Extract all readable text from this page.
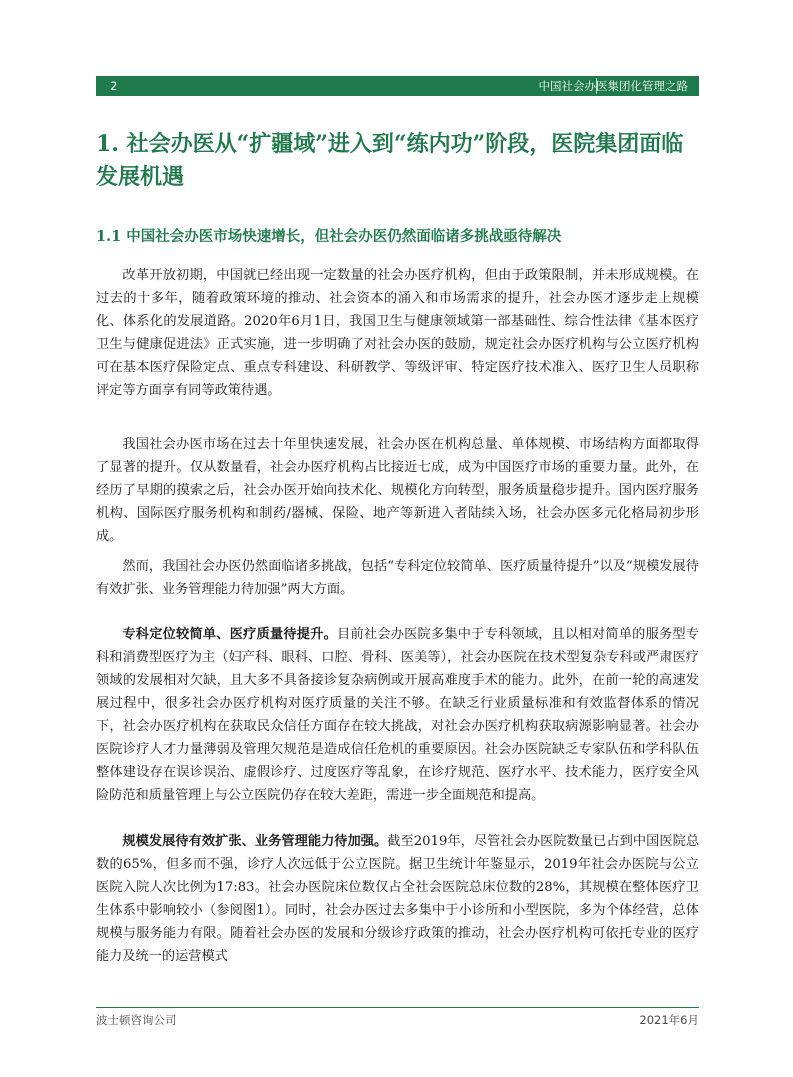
2	中国社会办医集团化管理之路
1. 社会办医从“扩疆域”进入到“练内功”阶段，医院集团面临发展机遇
1.1 中国社会办医市场快速增长，但社会办医仍然面临诸多挑战亟待解决

改革开放初期，中国就已经出现一定数量的社会办医疗机构，但由于政策限制，并未形成规模。在过去的十多年，随着政策环境的推动、社会资本的涌入和市场需求的提升，社会办医才逐步走上规模化、体系化的发展道路。2020年6月1日，我国卫生与健康领域第一部基础性、综合性法律《基本医疗卫生与健康促进法》正式实施，进一步明确了对社会办医的鼓励，规定社会办医疗机构与公立医疗机构可在基本医疗保险定点、重点专科建设、科研教学、等级评审、特定医疗技术准入、医疗卫生人员职称评定等方面享有同等政策待遇。

我国社会办医市场在过去十年里快速发展，社会办医在机构总量、单体规模、市场结构方面都取得了显著的提升。仅从数量看，社会办医疗机构占比接近七成，成为中国医疗市场的重要力量。此外，在经历了早期的摸索之后，社会办医开始向技术化、规模化方向转型，服务质量稳步提升。国内医疗服务机构、国际医疗服务机构和制药/器械、保险、地产等新进入者陆续入场，社会办医多元化格局初步形成。

然而，我国社会办医仍然面临诸多挑战，包括“专科定位较简单、医疗质量待提升”以及“规模发展待有效扩张、业务管理能力待加强”两大方面。

专科定位较简单、医疗质量待提升。目前社会办医院多集中于专科领域，且以相对简单的服务型专科和消费型医疗为主（妇产科、眼科、口腔、骨科、医美等），社会办医院在技术型复杂专科或严肃医疗领域的发展相对欠缺，且大多不具备接诊复杂病例或开展高难度手术的能力。此外，在前一轮的高速发展过程中，很多社会办医疗机构对医疗质量的关注不够。在缺乏行业质量标准和有效监督体系的情况下，社会办医疗机构在获取民众信任方面存在较大挑战，对社会办医疗机构获取病源影响显著。社会办医院诊疗人才力量薄弱及管理欠规范是造成信任危机的重要原因。社会办医院缺乏专家队伍和学科队伍整体建设存在误诊误治、虚假诊疗、过度医疗等乱象，在诊疗规范、医疗水平、技术能力，医疗安全风险防范和质量管理上与公立医院仍存在较大差距，需进一步全面规范和提高。

规模发展待有效扩张、业务管理能力待加强。截至2019年，尽管社会办医院数量已占到中国医院总数的65%，但多而不强，诊疗人次远低于公立医院。据卫生统计年鉴显示，2019年社会办医院与公立医院入院人次比例为17:83。社会办医院床位数仅占全社会医院总床位数的28%，其规模在整体医疗卫生体系中影响较小（参阅图1）。同时，社会办医过去多集中于小诊所和小型医院，多为个体经营，总体规模与服务能力有限。随着社会办医的发展和分级诊疗政策的推动，社会办医疗机构可依托专业的医疗能力及统一的运营模式

波士顿咨询公司	2021年6月
